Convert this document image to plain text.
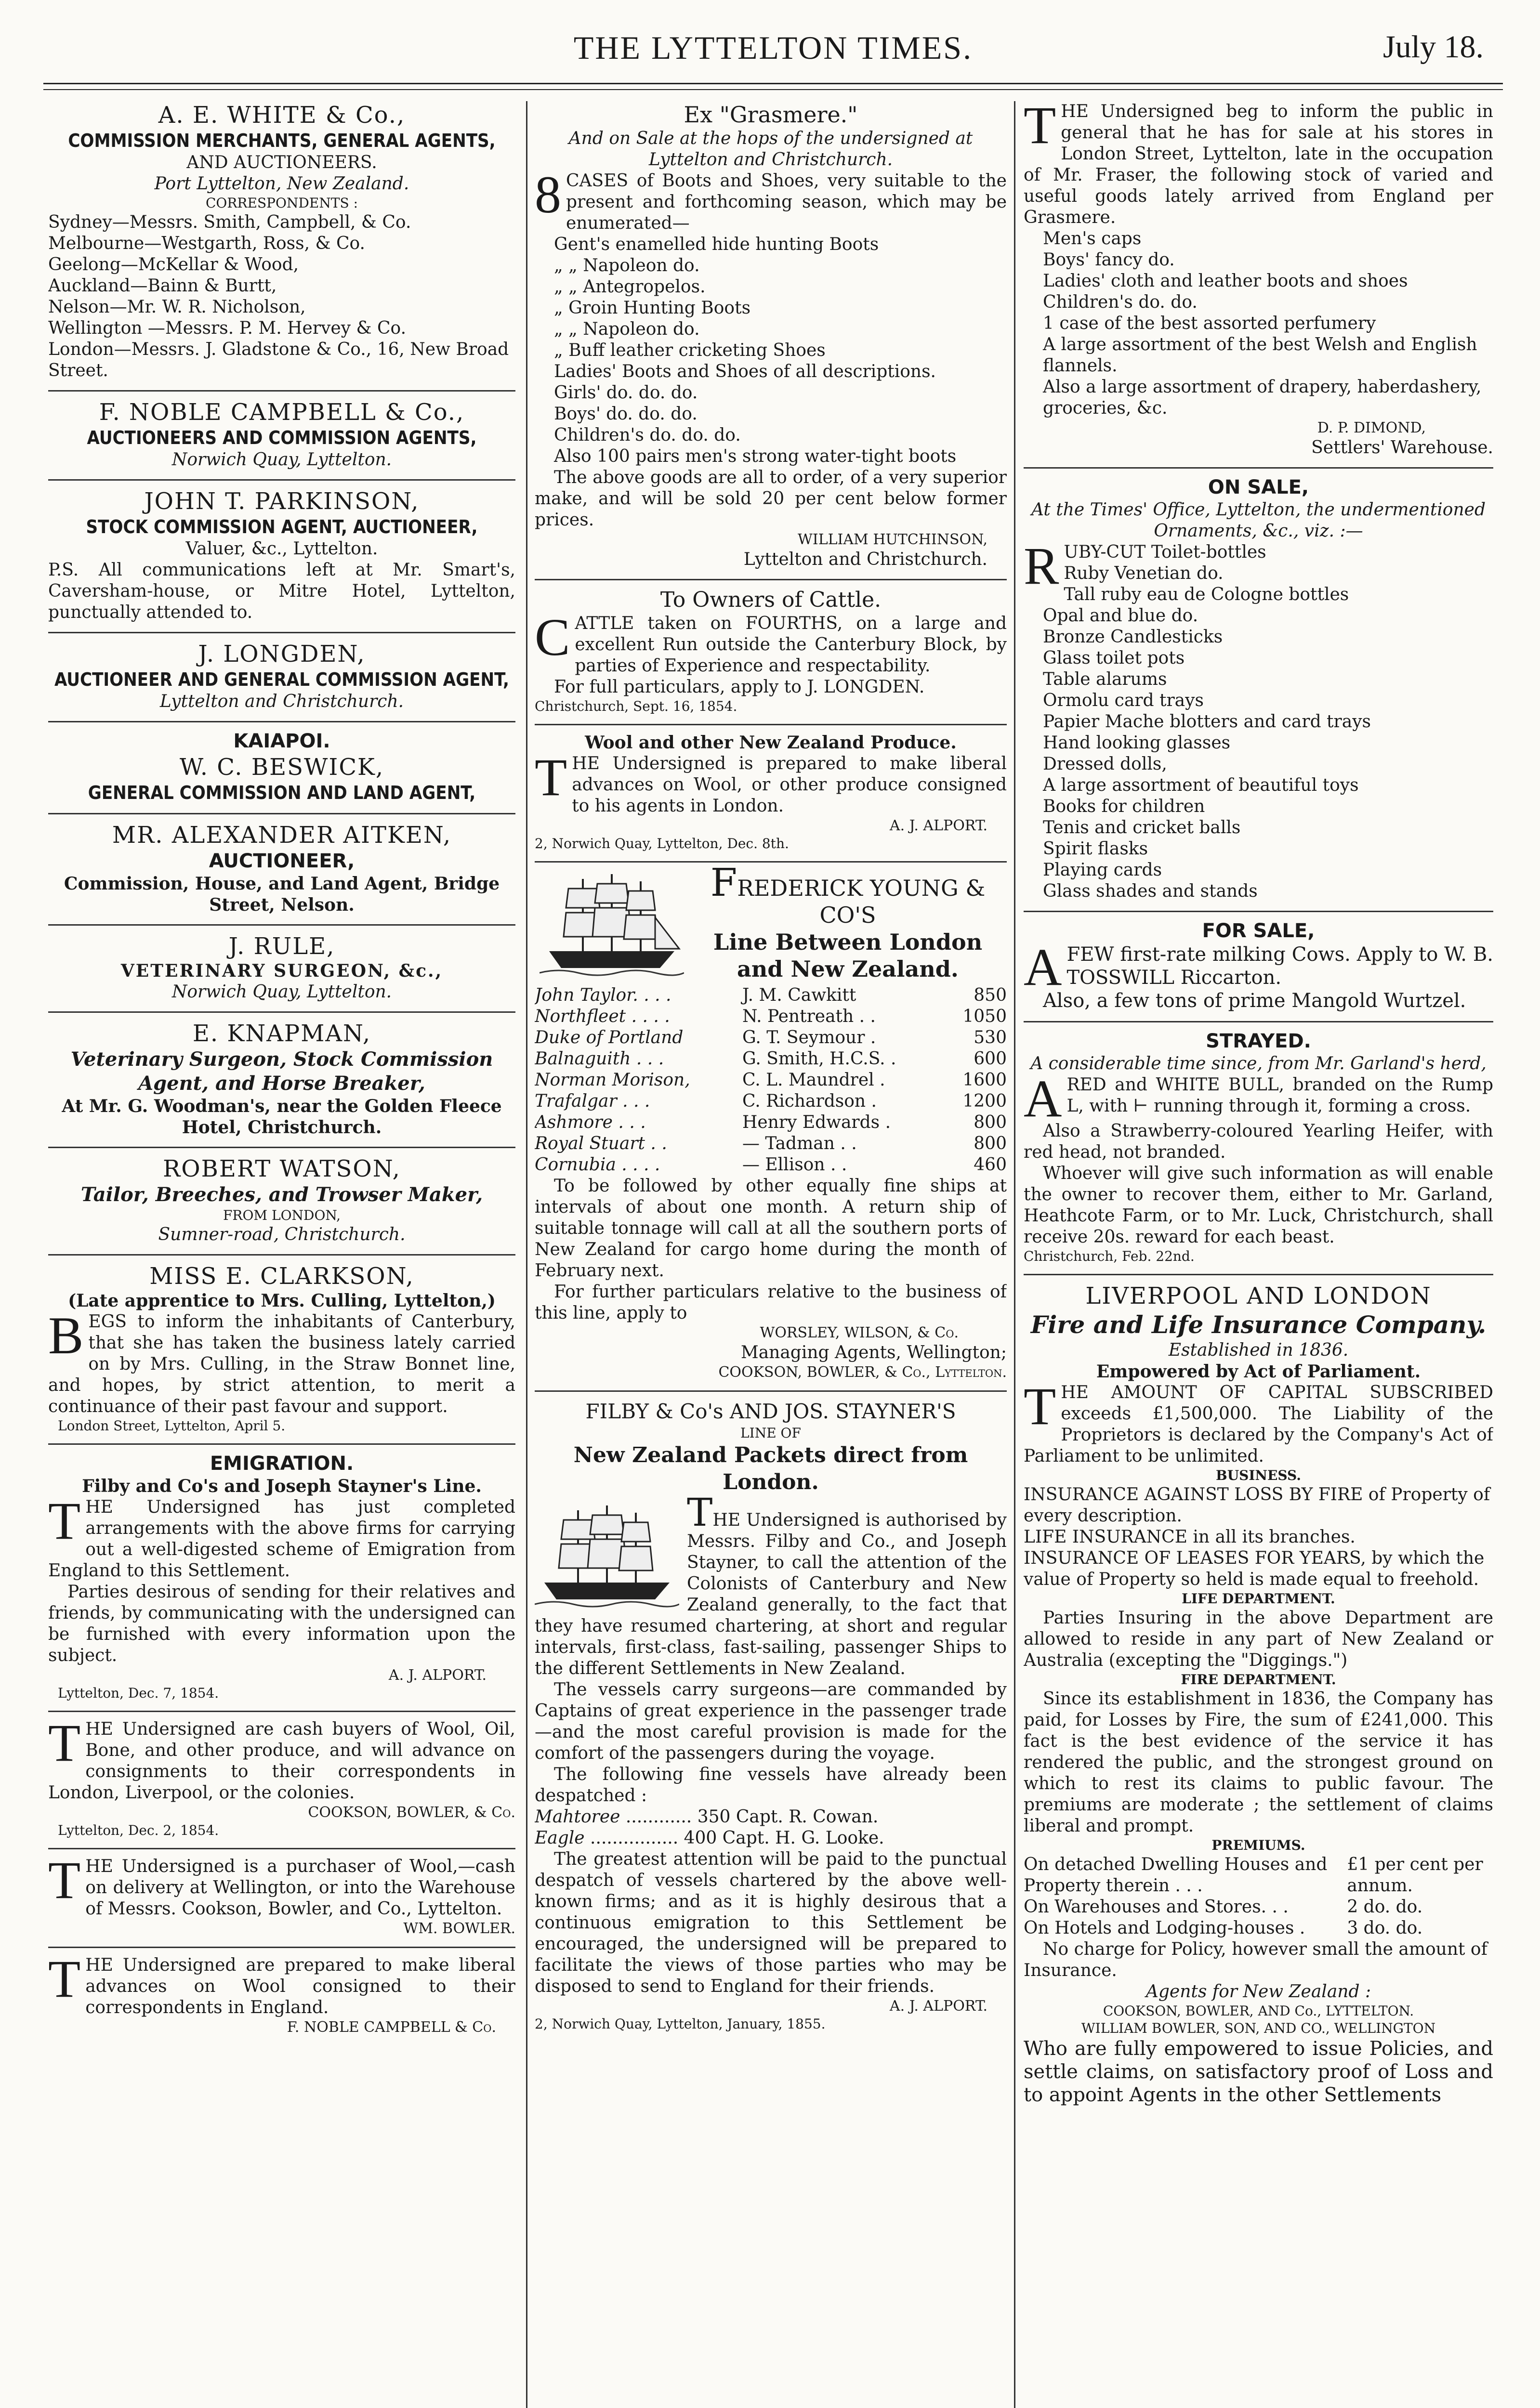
THE LYTTELTON TIMES.	July 18.
A. E. WHITE & Co.,
COMMISSION MERCHANTS, GENERAL AGENTS,
AND AUCTIONEERS.
Port Lyttelton, New Zealand.
CORRESPONDENTS :
Sydney—Messrs. Smith, Campbell, & Co.
Melbourne—Westgarth, Ross, & Co.
Geelong—McKellar & Wood,
Auckland—Bainn & Burtt,
Nelson—Mr. W. R. Nicholson,
Wellington —Messrs. P. M. Hervey & Co.
London—Messrs. J. Gladstone & Co., 16, New Broad Street.
F. NOBLE CAMPBELL & Co.,
AUCTIONEERS AND COMMISSION AGENTS,
Norwich Quay, Lyttelton.
JOHN T. PARKINSON,
STOCK COMMISSION AGENT, AUCTIONEER,
Valuer, &c., Lyttelton.
P.S. All communications left at Mr. Smart's, Caversham-house, or Mitre Hotel, Lyttelton, punctually attended to.
J. LONGDEN,
AUCTIONEER AND GENERAL COMMISSION AGENT,
Lyttelton and Christchurch.
KAIAPOI.
W. C. BESWICK,
GENERAL COMMISSION AND LAND AGENT,
MR. ALEXANDER AITKEN,
AUCTIONEER,
Commission, House, and Land Agent, Bridge Street, Nelson.
J. RULE,
VETERINARY SURGEON, &c.,
Norwich Quay, Lyttelton.
E. KNAPMAN,
Veterinary Surgeon, Stock Commission Agent, and Horse Breaker,
At Mr. G. Woodman's, near the Golden Fleece Hotel, Christchurch.
ROBERT WATSON,
Tailor, Breeches, and Trowser Maker,
FROM LONDON,
Sumner-road, Christchurch.
MISS E. CLARKSON,
(Late apprentice to Mrs. Culling, Lyttelton,)
BEGS to inform the inhabitants of Canterbury, that she has taken the business lately carried on by Mrs. Culling, in the Straw Bonnet line, and hopes, by strict attention, to merit a continuance of their past favour and support.
London Street, Lyttelton, April 5.
EMIGRATION.
Filby and Co's and Joseph Stayner's Line.
THE Undersigned has just completed arrangements with the above firms for carrying out a well-digested scheme of Emigration from England to this Settlement.
Parties desirous of sending for their relatives and friends, by communicating with the undersigned can be furnished with every information upon the subject.
A. J. ALPORT.
Lyttelton, Dec. 7, 1854.
THE Undersigned are cash buyers of Wool, Oil, Bone, and other produce, and will advance on consignments to their correspondents in London, Liverpool, or the colonies.
COOKSON, BOWLER, & Co.
Lyttelton, Dec. 2, 1854.
THE Undersigned is a purchaser of Wool,—cash on delivery at Wellington, or into the Warehouse of Messrs. Cookson, Bowler, and Co., Lyttelton.
WM. BOWLER.
THE Undersigned are prepared to make liberal advances on Wool consigned to their correspondents in England.
F. NOBLE CAMPBELL & Co.
Ex "Grasmere."
And on Sale at the hops of the undersigned at Lyttelton and Christchurch.
8 CASES of Boots and Shoes, very suitable to the present and forthcoming season, which may be enumerated—
Gent's enamelled hide hunting Boots
„ „ Napoleon do.
„ „ Antegropelos.
„ Groin Hunting Boots
„ „ Napoleon do.
„ Buff leather cricketing Shoes
Ladies' Boots and Shoes of all descriptions.
Girls' do. do. do.
Boys' do. do. do.
Children's do. do. do.
Also 100 pairs men's strong water-tight boots
The above goods are all to order, of a very superior make, and will be sold 20 per cent below former prices.
WILLIAM HUTCHINSON,
Lyttelton and Christchurch.
To Owners of Cattle.
CATTLE taken on FOURTHS, on a large and excellent Run outside the Canterbury Block, by parties of Experience and respectability.
For full particulars, apply to J. LONGDEN.
Christchurch, Sept. 16, 1854.
Wool and other New Zealand Produce.
THE Undersigned is prepared to make liberal advances on Wool, or other produce consigned to his agents in London.
A. J. ALPORT.
2, Norwich Quay, Lyttelton, Dec. 8th.
FREDERICK YOUNG & CO'S
Line Between London and New Zealand.
John Taylor. . . .	J. M. Cawkitt	850
Northfleet . . . .	N. Pentreath . .	1050
Duke of Portland	G. T. Seymour .	530
Balnaguith . . .	G. Smith, H.C.S. .	600
Norman Morison,	C. L. Maundrel .	1600
Trafalgar . . .	C. Richardson .	1200
Ashmore . . .	Henry Edwards .	800
Royal Stuart . .	— Tadman . .	800
Cornubia . . . .	— Ellison . .	460
To be followed by other equally fine ships at intervals of about one month. A return ship of suitable tonnage will call at all the southern ports of New Zealand for cargo home during the month of February next.
For further particulars relative to the business of this line, apply to
WORSLEY, WILSON, & Co.
Managing Agents, Wellington;
COOKSON, BOWLER, & Co., Lyttelton.
FILBY & Co's AND JOS. STAYNER'S
LINE OF
New Zealand Packets direct from London.
THE Undersigned is authorised by Messrs. Filby and Co., and Joseph Stayner, to call the attention of the Colonists of Canterbury and New Zealand generally, to the fact that they have resumed chartering, at short and regular intervals, first-class, fast-sailing, passenger Ships to the different Settlements in New Zealand.
The vessels carry surgeons—are commanded by Captains of great experience in the passenger trade—and the most careful provision is made for the comfort of the passengers during the voyage.
The following fine vessels have already been despatched :
Mahtoree ............ 350 Capt. R. Cowan.
Eagle ................ 400 Capt. H. G. Looke.
The greatest attention will be paid to the punctual despatch of vessels chartered by the above well-known firms; and as it is highly desirous that a continuous emigration to this Settlement be encouraged, the undersigned will be prepared to facilitate the views of those parties who may be disposed to send to England for their friends.
A. J. ALPORT.
2, Norwich Quay, Lyttelton, January, 1855.
THE Undersigned beg to inform the public in general that he has for sale at his stores in London Street, Lyttelton, late in the occupation of Mr. Fraser, the following stock of varied and useful goods lately arrived from England per Grasmere.
Men's caps
Boys' fancy do.
Ladies' cloth and leather boots and shoes
Children's do. do.
1 case of the best assorted perfumery
A large assortment of the best Welsh and English flannels.
Also a large assortment of drapery, haberdashery, groceries, &c.
D. P. DIMOND,
Settlers' Warehouse.
ON SALE,
At the Times' Office, Lyttelton, the undermentioned Ornaments, &c., viz. :—
RUBY-CUT Toilet-bottles
Ruby Venetian do.
Tall ruby eau de Cologne bottles
Opal and blue do.
Bronze Candlesticks
Glass toilet pots
Table alarums
Ormolu card trays
Papier Mache blotters and card trays
Hand looking glasses
Dressed dolls,
A large assortment of beautiful toys
Books for children
Tenis and cricket balls
Spirit flasks
Playing cards
Glass shades and stands
FOR SALE,
AFEW first-rate milking Cows. Apply to W. B. TOSSWILL Riccarton.
Also, a few tons of prime Mangold Wurtzel.
STRAYED.
A considerable time since, from Mr. Garland's herd,
ARED and WHITE BULL, branded on the Rump L, with ⊢ running through it, forming a cross.
Also a Strawberry-coloured Yearling Heifer, with red head, not branded.
Whoever will give such information as will enable the owner to recover them, either to Mr. Garland, Heathcote Farm, or to Mr. Luck, Christchurch, shall receive 20s. reward for each beast.
Christchurch, Feb. 22nd.
LIVERPOOL AND LONDON
Fire and Life Insurance Company.
Established in 1836.
Empowered by Act of Parliament.
THE AMOUNT OF CAPITAL SUBSCRIBED exceeds £1,500,000. The Liability of the Proprietors is declared by the Company's Act of Parliament to be unlimited.
BUSINESS.
INSURANCE AGAINST LOSS BY FIRE of Property of every description.
LIFE INSURANCE in all its branches.
INSURANCE OF LEASES FOR YEARS, by which the value of Property so held is made equal to freehold.
LIFE DEPARTMENT.
Parties Insuring in the above Department are allowed to reside in any part of New Zealand or Australia (excepting the "Diggings.")
FIRE DEPARTMENT.
Since its establishment in 1836, the Company has paid, for Losses by Fire, the sum of £241,000. This fact is the best evidence of the service it has rendered the public, and the strongest ground on which to rest its claims to public favour. The premiums are moderate ; the settlement of claims liberal and prompt.
PREMIUMS.
On detached Dwelling Houses and Property therein . . .	£1 per cent per annum.
On Warehouses and Stores. . .	2 do. do.
On Hotels and Lodging-houses .	3 do. do.
No charge for Policy, however small the amount of Insurance.
Agents for New Zealand :
COOKSON, BOWLER, AND Co., LYTTELTON.
WILLIAM BOWLER, SON, AND CO., WELLINGTON
Who are fully empowered to issue Policies, and settle claims, on satisfactory proof of Loss and to appoint Agents in the other Settlements
